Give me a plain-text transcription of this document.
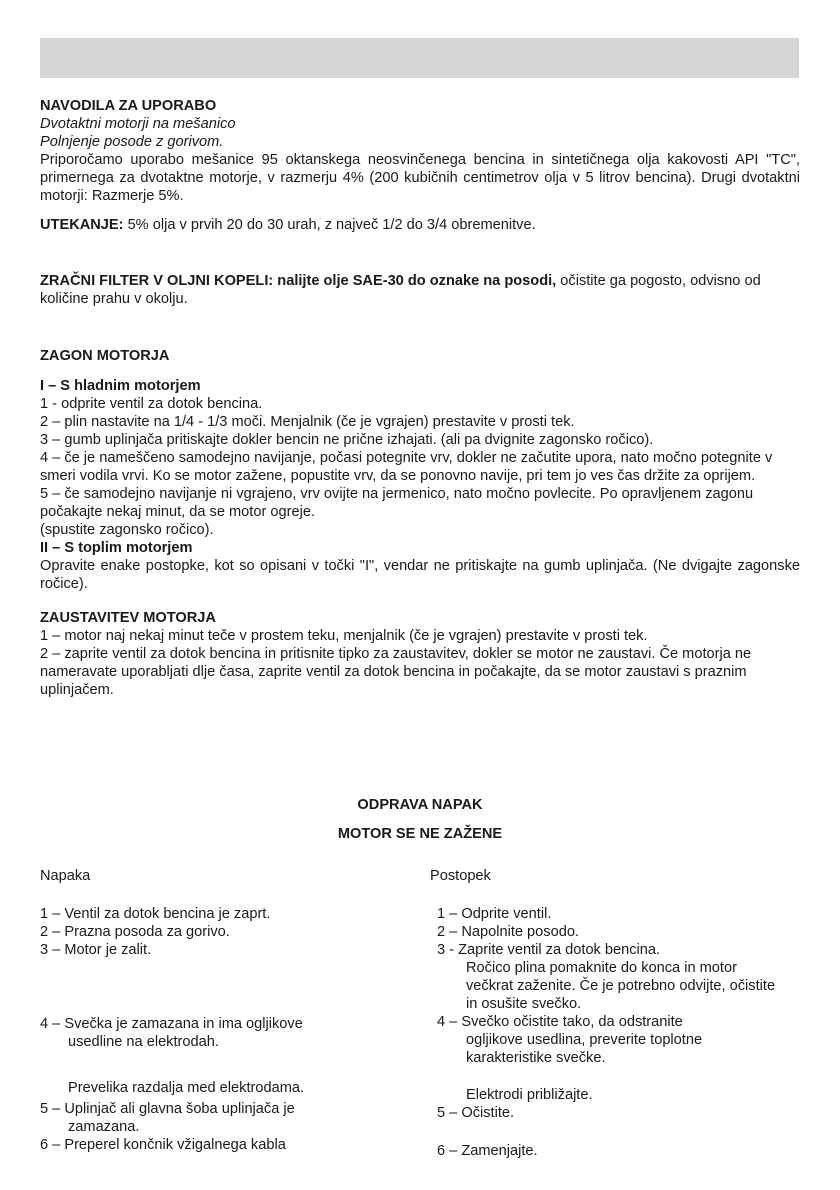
NAVODILA ZA UPORABO

Dvotaktni motorji na mešanico

Polnjenje posode z gorivom.

Priporočamo uporabo mešanice 95 oktanskega neosvinčenega bencina in sintetičnega olja kakovosti API "TC", primernega za dvotaktne motorje, v razmerju 4% (200 kubičnih centimetrov olja v 5 litrov bencina). Drugi dvotaktni motorji: Razmerje 5%.

UTEKANJE: 5% olja v prvih 20 do 30 urah, z največ 1/2 do 3/4 obremenitve.

ZRAČNI FILTER V OLJNI KOPELI: nalijte olje SAE-30 do oznake na posodi, očistite ga pogosto, odvisno od količine prahu v okolju.

ZAGON MOTORJA

I – S hladnim motorjem

1 - odprite ventil za dotok bencina.

2 – plin nastavite na 1/4 - 1/3 moči. Menjalnik (če je vgrajen) prestavite v prosti tek.

3 – gumb uplinjača pritiskajte dokler bencin ne prične izhajati. (ali pa dvignite zagonsko ročico).

4 – če je nameščeno samodejno navijanje, počasi potegnite vrv, dokler ne začutite upora, nato močno potegnite v smeri vodila vrvi. Ko se motor zažene, popustite vrv, da se ponovno navije, pri tem jo ves čas držite za oprijem.

5 – če samodejno navijanje ni vgrajeno, vrv ovijte na jermenico, nato močno povlecite. Po opravljenem zagonu počakajte nekaj minut, da se motor ogreje.

(spustite zagonsko ročico).

II – S toplim motorjem

Opravite enake postopke, kot so opisani v točki "I", vendar ne pritiskajte na gumb uplinjača. (Ne dvigajte zagonske ročice).

ZAUSTAVITEV MOTORJA

1 – motor naj nekaj minut teče v prostem teku, menjalnik (če je vgrajen) prestavite v prosti tek.

2 – zaprite ventil za dotok bencina in pritisnite tipko za zaustavitev, dokler se motor ne zaustavi. Če motorja ne nameravate uporabljati dlje časa, zaprite ventil za dotok bencina in počakajte, da se motor zaustavi s praznim uplinjačem.

ODPRAVA NAPAK
MOTOR SE NE ZAŽENE
Napaka	Postopek
1 – Ventil za dotok bencina je zaprt.
2 – Prazna posoda za gorivo.
3 – Motor je zalit.
4 – Svečka je zamazana in ima ogljikove
usedline na elektrodah.
Prevelika razdalja med elektrodama.
5 – Uplinjač ali glavna šoba uplinjača je
zamazana.
6 – Preperel končnik vžigalnega kabla
1 – Odprite ventil.
2 – Napolnite posodo.
3 - Zaprite ventil za dotok bencina.
Ročico plina pomaknite do konca in motor večkrat zaženite. Če je potrebno odvijte, očistite in osušite svečko.
4 – Svečko očistite tako, da odstranite
ogljikove usedlina, preverite toplotne karakteristike svečke.
Elektrodi približajte.
5 – Očistite.
6 – Zamenjajte.
